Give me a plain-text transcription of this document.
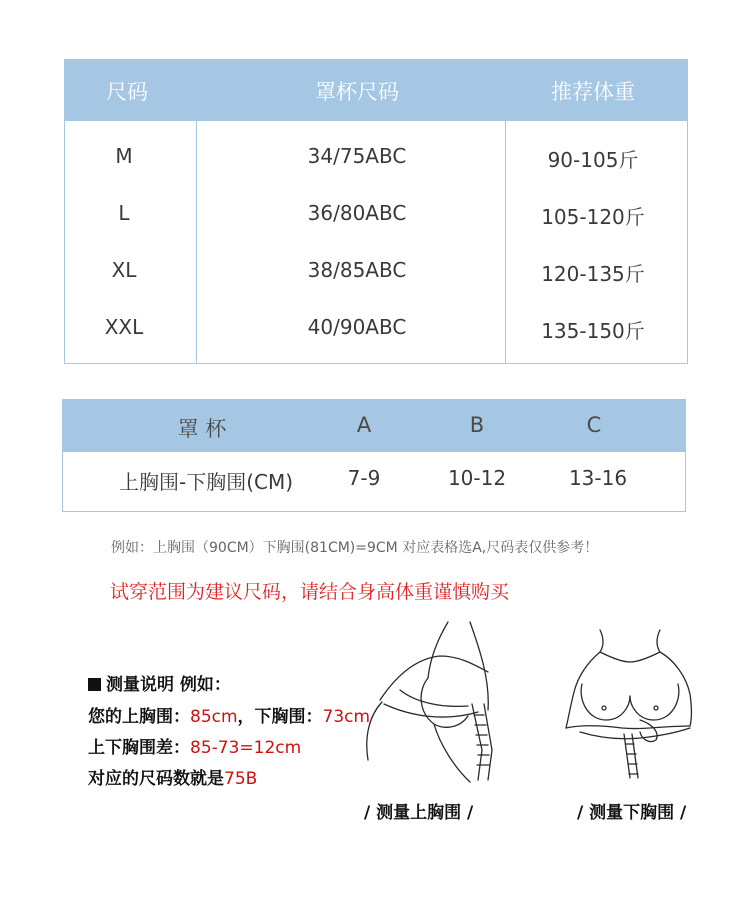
尺码	罩杯尺码	推荐体重
M	34/75ABC	90-105斤
L	36/80ABC	105-120斤
XL	38/85ABC	120-135斤
XXL	40/90ABC	135-150斤
罩 杯	A	B	C
上胸围-下胸围(CM)	7-9	10-12	13-16
例如：上胸围（90CM）下胸围(81CM)=9CM 对应表格选A,尺码表仅供参考！
试穿范围为建议尺码，请结合身高体重谨慎购买
测量说明 例如：
您的上胸围：85cm，下胸围：73cm
上下胸围差：85-73=12cm
对应的尺码数就是75B
/ 测量上胸围 /	/ 测量下胸围 /
